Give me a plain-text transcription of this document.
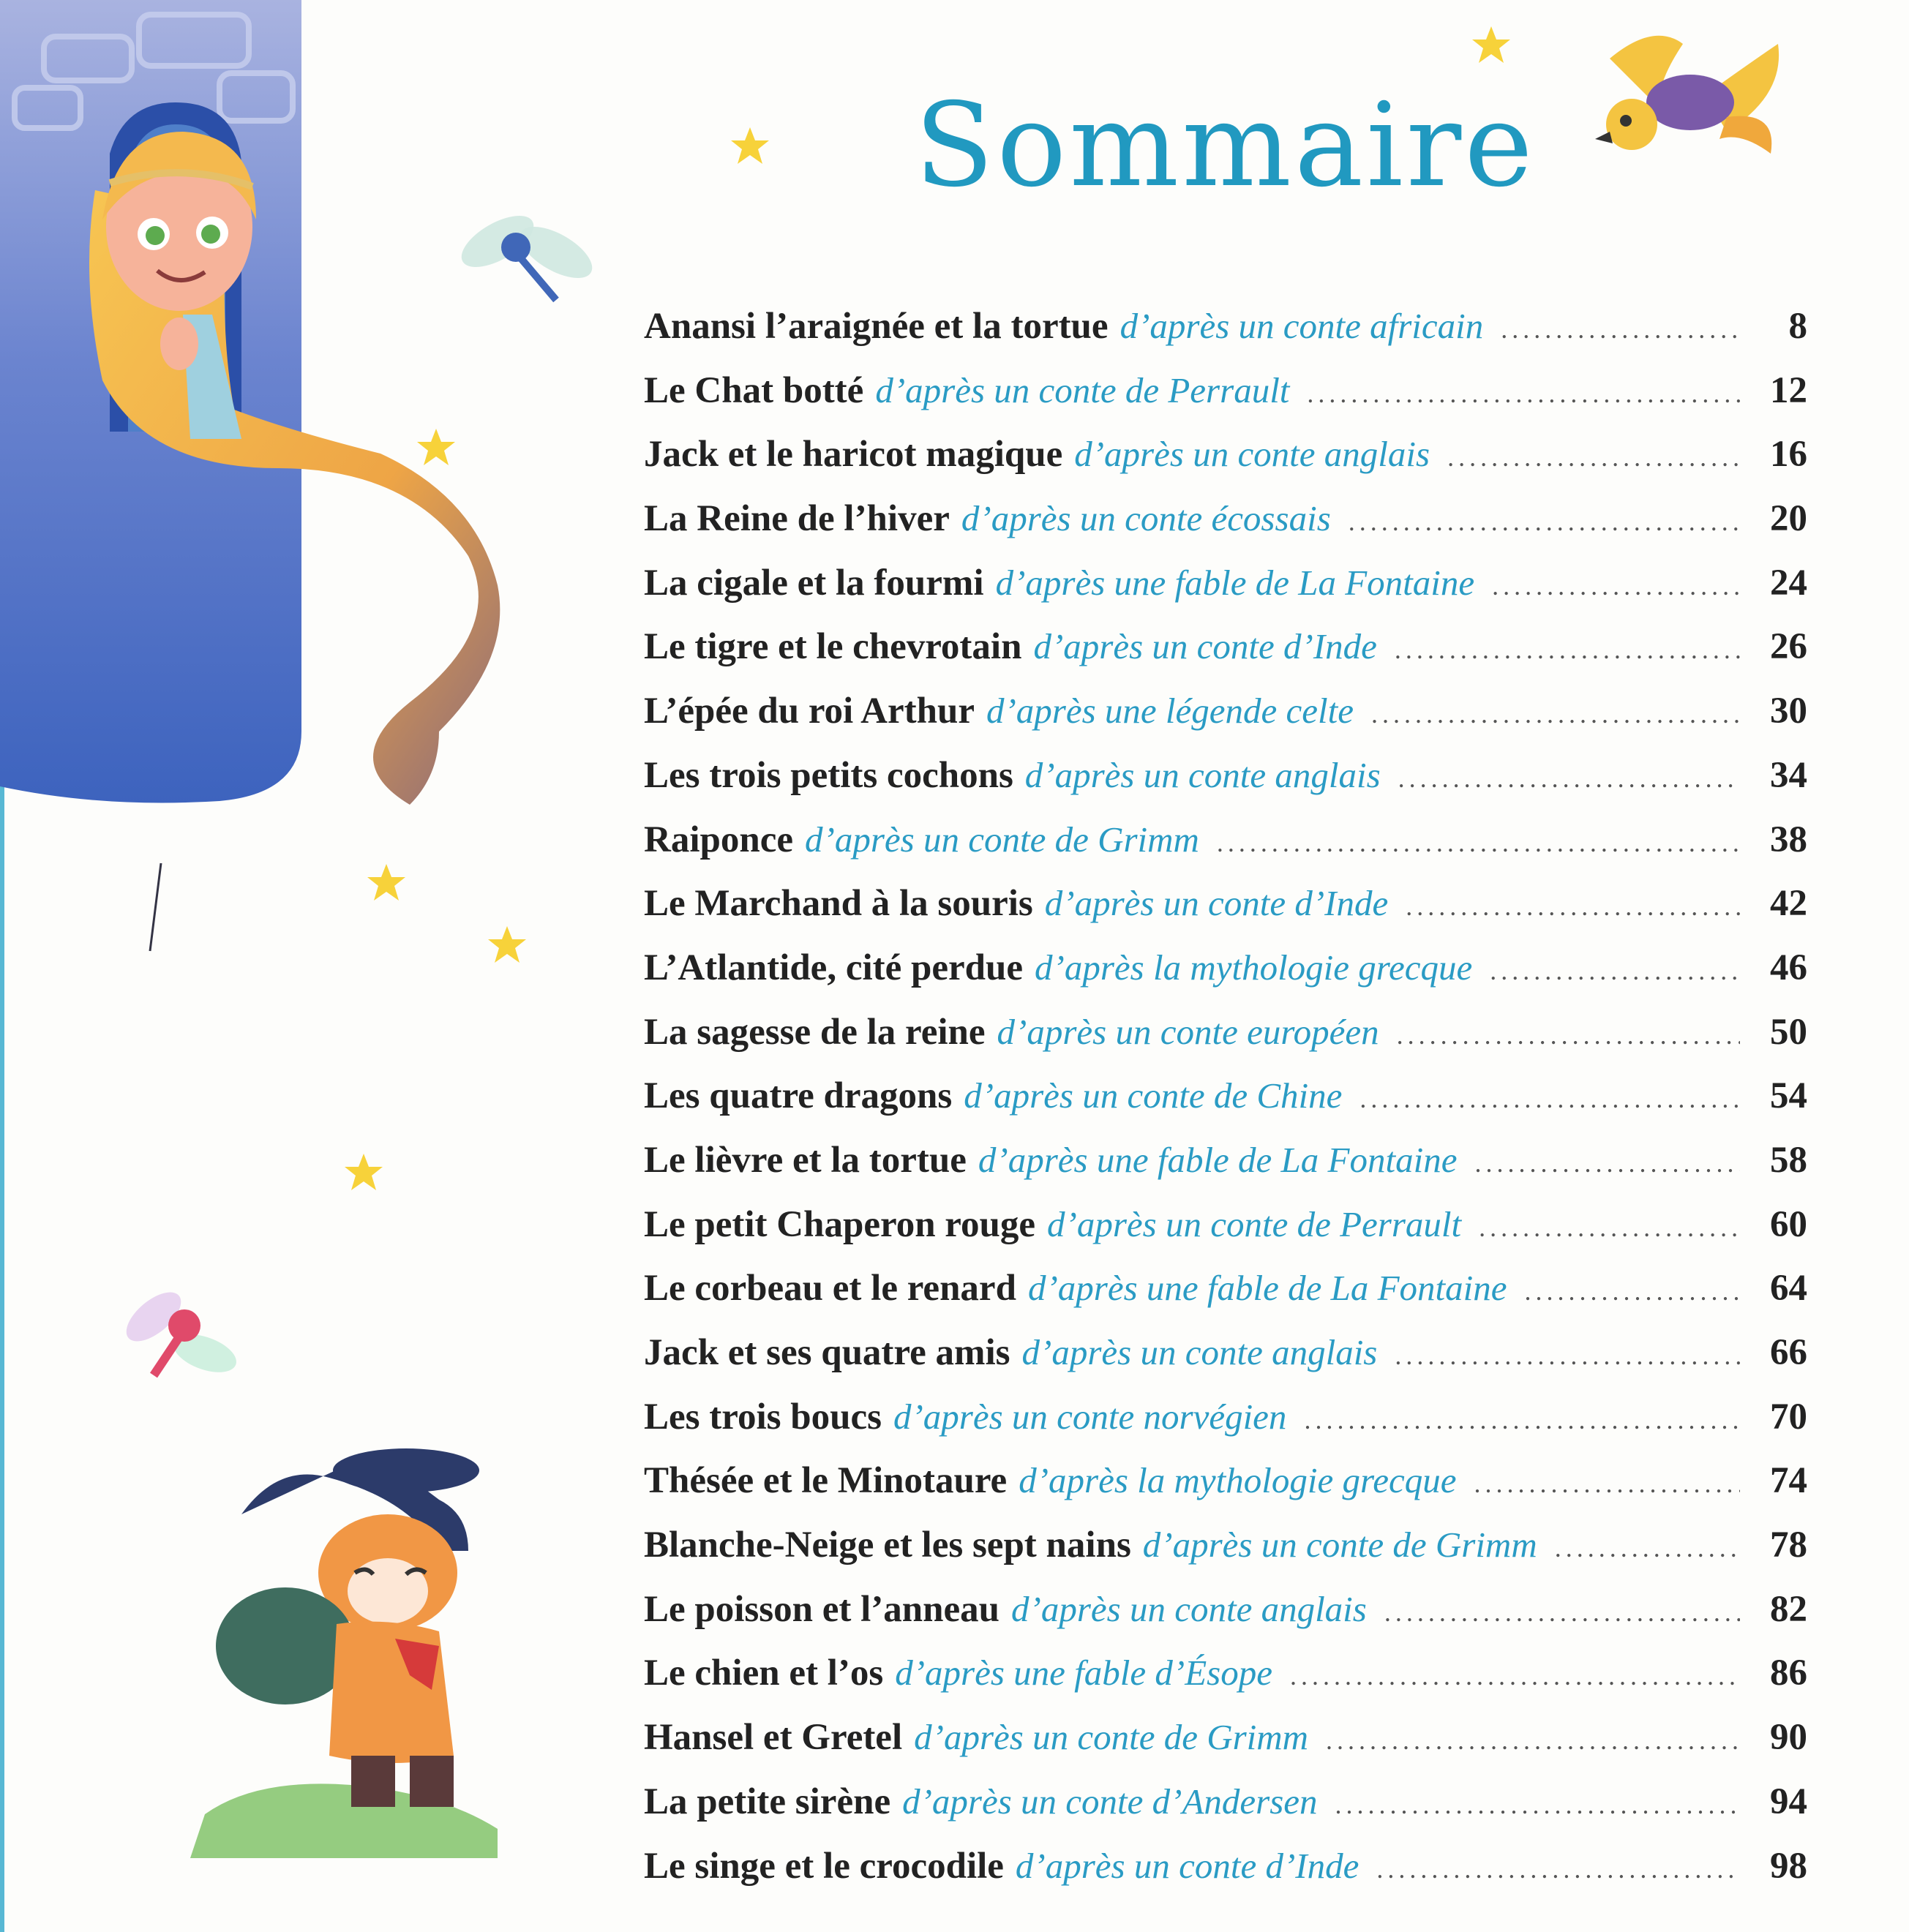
Sommaire
Anansi l’araignée et la tortue d’après un conte africain .....	8
Le Chat botté d’après un conte de Perrault .....	12
Jack et le haricot magique d’après un conte anglais .....	16
La Reine de l’hiver d’après un conte écossais .....	20
La cigale et la fourmi d’après une fable de La Fontaine .....	24
Le tigre et le chevrotain d’après un conte d’Inde .....	26
L’épée du roi Arthur d’après une légende celte .....	30
Les trois petits cochons d’après un conte anglais .....	34
Raiponce d’après un conte de Grimm .....	38
Le Marchand à la souris d’après un conte d’Inde .....	42
L’Atlantide, cité perdue d’après la mythologie grecque .....	46
La sagesse de la reine d’après un conte européen .....	50
Les quatre dragons d’après un conte de Chine .....	54
Le lièvre et la tortue d’après une fable de La Fontaine .....	58
Le petit Chaperon rouge d’après un conte de Perrault .....	60
Le corbeau et le renard d’après une fable de La Fontaine .....	64
Jack et ses quatre amis d’après un conte anglais .....	66
Les trois boucs d’après un conte norvégien .....	70
Thésée et le Minotaure d’après la mythologie grecque .....	74
Blanche-Neige et les sept nains d’après un conte de Grimm .....	78
Le poisson et l’anneau d’après un conte anglais .....	82
Le chien et l’os d’après une fable d’Ésope .....	86
Hansel et Gretel d’après un conte de Grimm .....	90
La petite sirène d’après un conte d’Andersen .....	94
Le singe et le crocodile d’après un conte d’Inde .....	98
